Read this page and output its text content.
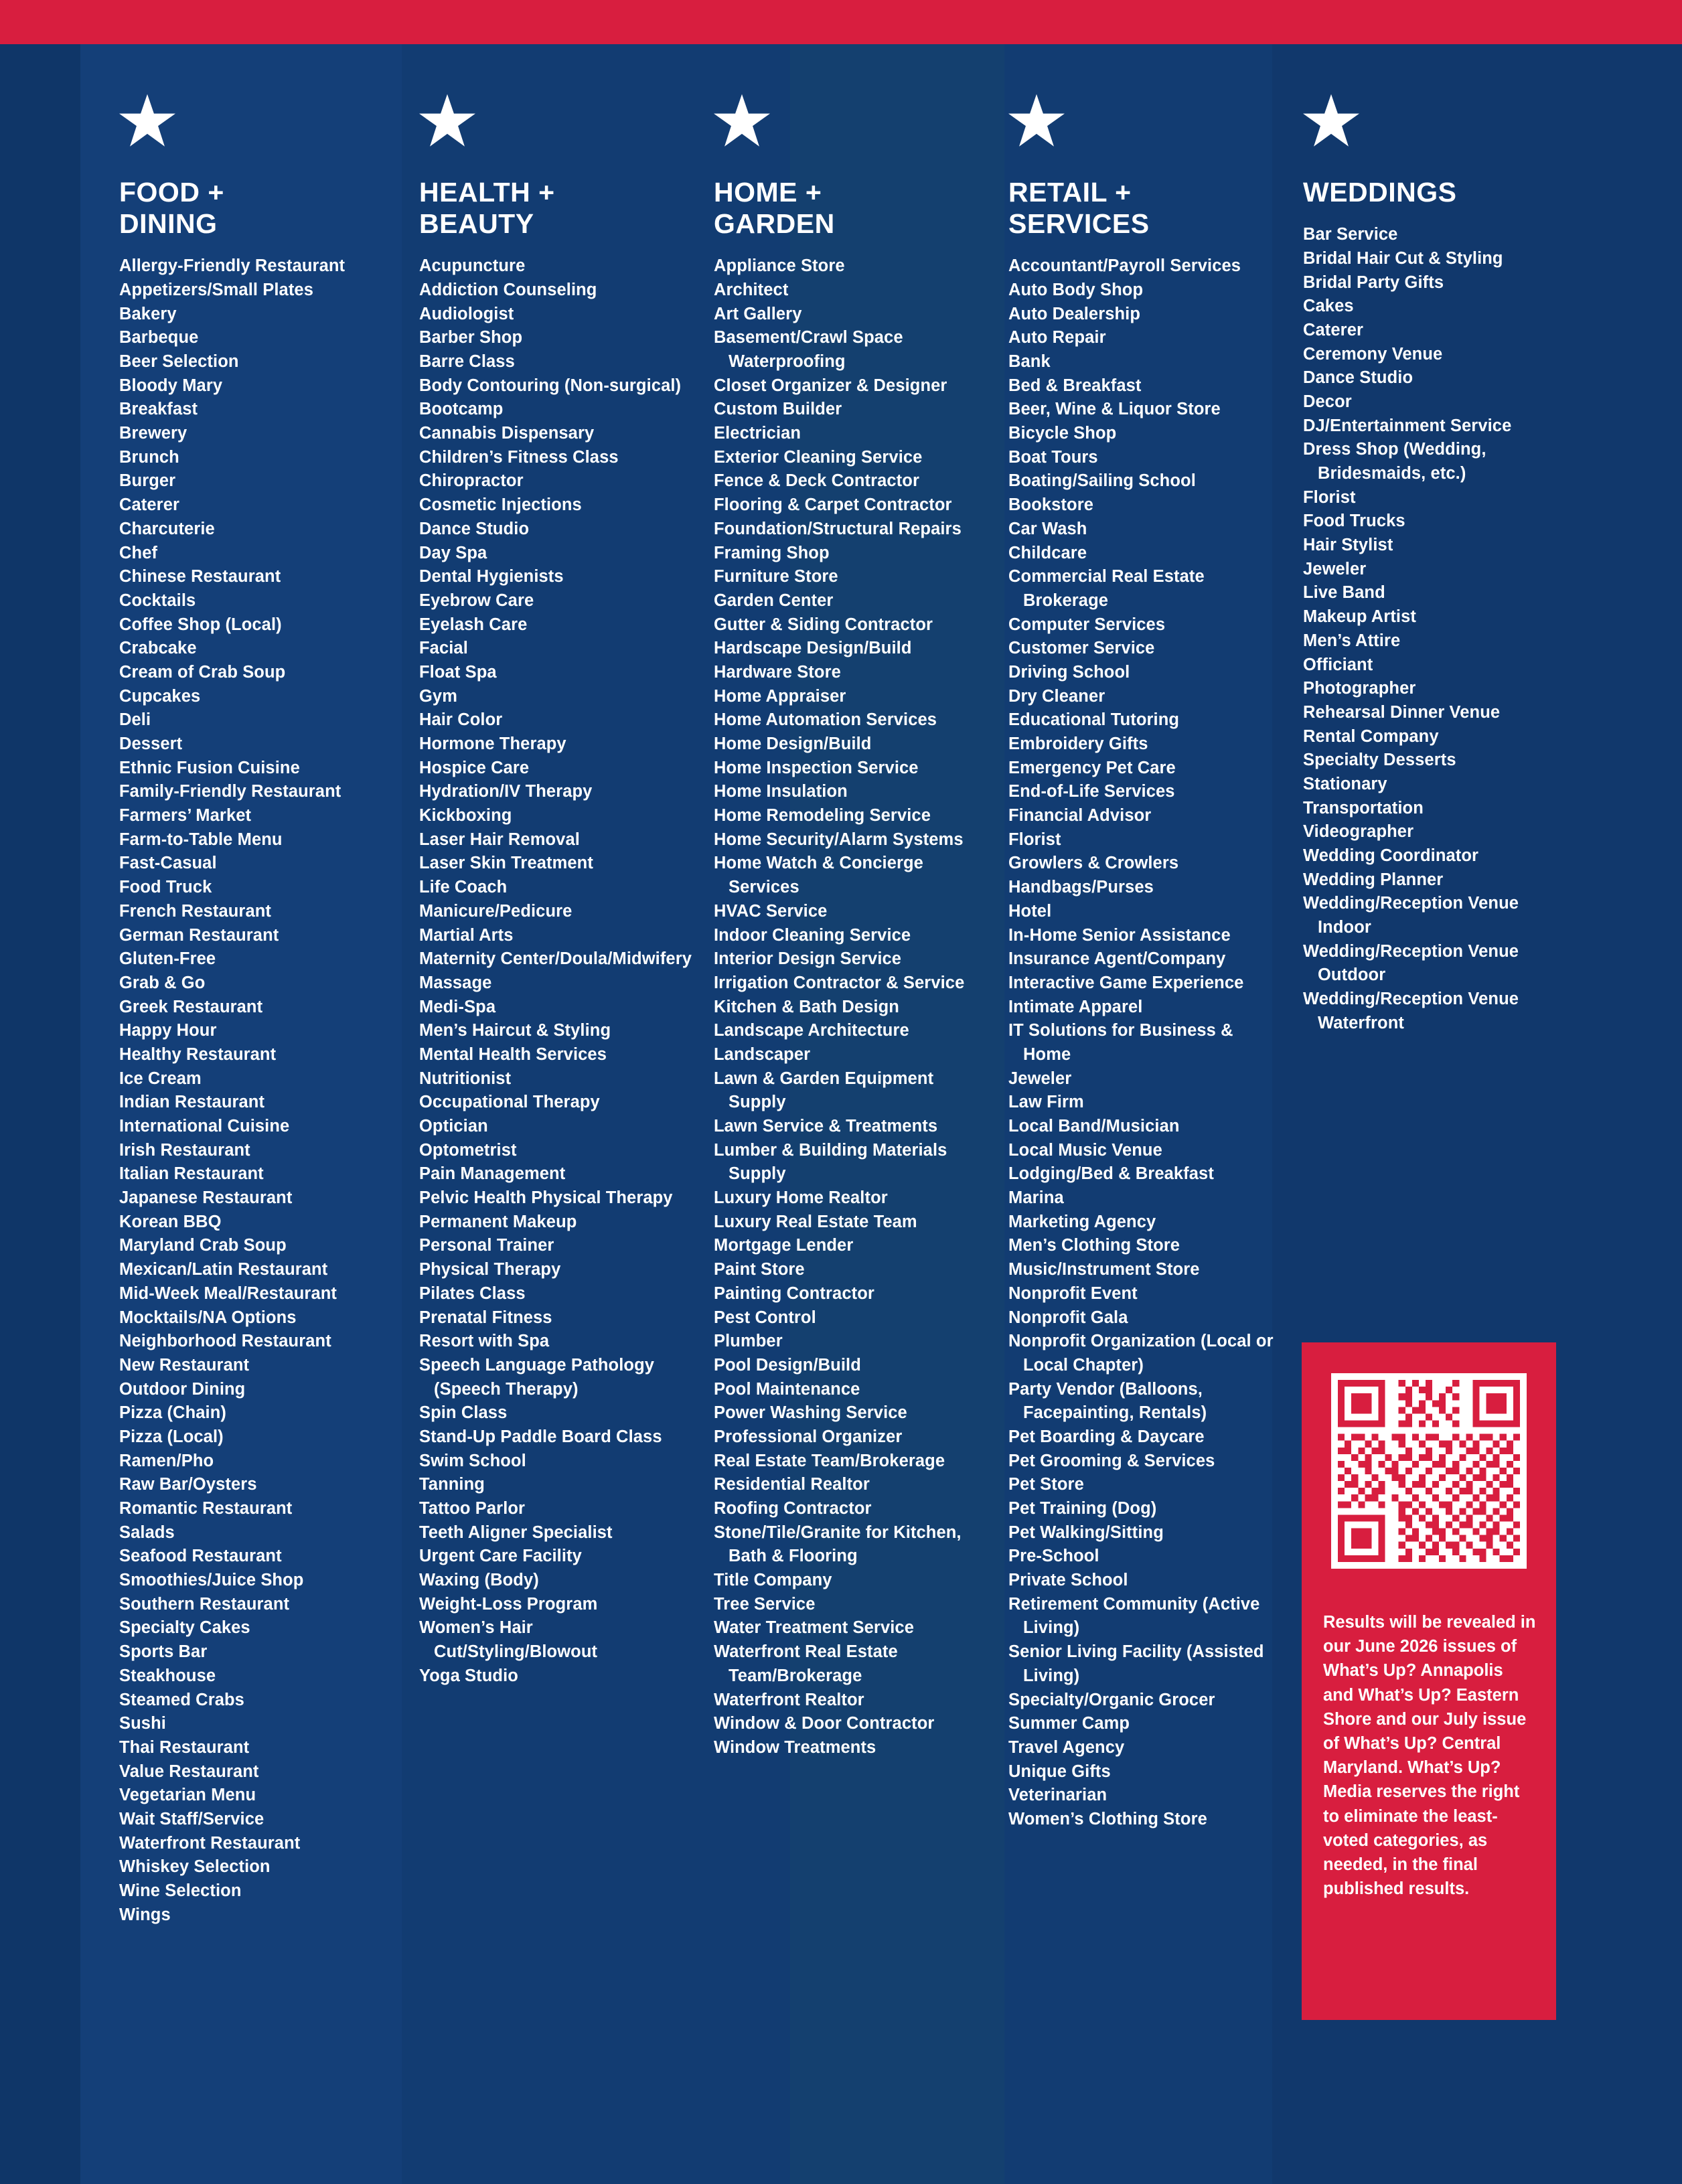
FOOD +
DINING
Allergy-Friendly Restaurant
Appetizers/Small Plates
Bakery
Barbeque
Beer Selection
Bloody Mary
Breakfast
Brewery
Brunch
Burger
Caterer
Charcuterie
Chef
Chinese Restaurant
Cocktails
Coffee Shop (Local)
Crabcake
Cream of Crab Soup
Cupcakes
Deli
Dessert
Ethnic Fusion Cuisine
Family-Friendly Restaurant
Farmers’ Market
Farm-to-Table Menu
Fast-Casual
Food Truck
French Restaurant
German Restaurant
Gluten-Free
Grab & Go
Greek Restaurant
Happy Hour
Healthy Restaurant
Ice Cream
Indian Restaurant
International Cuisine
Irish Restaurant
Italian Restaurant
Japanese Restaurant
Korean BBQ
Maryland Crab Soup
Mexican/Latin Restaurant
Mid-Week Meal/Restaurant
Mocktails/NA Options
Neighborhood Restaurant
New Restaurant
Outdoor Dining
Pizza (Chain)
Pizza (Local)
Ramen/Pho
Raw Bar/Oysters
Romantic Restaurant
Salads
Seafood Restaurant
Smoothies/Juice Shop
Southern Restaurant
Specialty Cakes
Sports Bar
Steakhouse
Steamed Crabs
Sushi
Thai Restaurant
Value Restaurant
Vegetarian Menu
Wait Staff/Service
Waterfront Restaurant
Whiskey Selection
Wine Selection
Wings
HEALTH +
BEAUTY
Acupuncture
Addiction Counseling
Audiologist
Barber Shop
Barre Class
Body Contouring (Non-surgical)
Bootcamp
Cannabis Dispensary
Children’s Fitness Class
Chiropractor
Cosmetic Injections
Dance Studio
Day Spa
Dental Hygienists
Eyebrow Care
Eyelash Care
Facial
Float Spa
Gym
Hair Color
Hormone Therapy
Hospice Care
Hydration/IV Therapy
Kickboxing
Laser Hair Removal
Laser Skin Treatment
Life Coach
Manicure/Pedicure
Martial Arts
Maternity Center/Doula/Midwifery
Massage
Medi-Spa
Men’s Haircut & Styling
Mental Health Services
Nutritionist
Occupational Therapy
Optician
Optometrist
Pain Management
Pelvic Health Physical Therapy
Permanent Makeup
Personal Trainer
Physical Therapy
Pilates Class
Prenatal Fitness
Resort with Spa
Speech Language Pathology (Speech Therapy)
Spin Class
Stand-Up Paddle Board Class
Swim School
Tanning
Tattoo Parlor
Teeth Aligner Specialist
Urgent Care Facility
Waxing (Body)
Weight-Loss Program
Women’s Hair Cut/Styling/Blowout
Yoga Studio
HOME +
GARDEN
Appliance Store
Architect
Art Gallery
Basement/Crawl Space Waterproofing
Closet Organizer & Designer
Custom Builder
Electrician
Exterior Cleaning Service
Fence & Deck Contractor
Flooring & Carpet Contractor
Foundation/Structural Repairs
Framing Shop
Furniture Store
Garden Center
Gutter & Siding Contractor
Hardscape Design/Build
Hardware Store
Home Appraiser
Home Automation Services
Home Design/Build
Home Inspection Service
Home Insulation
Home Remodeling Service
Home Security/Alarm Systems
Home Watch & Concierge Services
HVAC Service
Indoor Cleaning Service
Interior Design Service
Irrigation Contractor & Service
Kitchen & Bath Design
Landscape Architecture
Landscaper
Lawn & Garden Equipment Supply
Lawn Service & Treatments
Lumber & Building Materials Supply
Luxury Home Realtor
Luxury Real Estate Team
Mortgage Lender
Paint Store
Painting Contractor
Pest Control
Plumber
Pool Design/Build
Pool Maintenance
Power Washing Service
Professional Organizer
Real Estate Team/Brokerage
Residential Realtor
Roofing Contractor
Stone/Tile/Granite for Kitchen, Bath & Flooring
Title Company
Tree Service
Water Treatment Service
Waterfront Real Estate Team/Brokerage
Waterfront Realtor
Window & Door Contractor
Window Treatments
RETAIL +
SERVICES
Accountant/Payroll Services
Auto Body Shop
Auto Dealership
Auto Repair
Bank
Bed & Breakfast
Beer, Wine & Liquor Store
Bicycle Shop
Boat Tours
Boating/Sailing School
Bookstore
Car Wash
Childcare
Commercial Real Estate Brokerage
Computer Services
Customer Service
Driving School
Dry Cleaner
Educational Tutoring
Embroidery Gifts
Emergency Pet Care
End-of-Life Services
Financial Advisor
Florist
Growlers & Crowlers
Handbags/Purses
Hotel
In-Home Senior Assistance
Insurance Agent/Company
Interactive Game Experience
Intimate Apparel
IT Solutions for Business & Home
Jeweler
Law Firm
Local Band/Musician
Local Music Venue
Lodging/Bed & Breakfast
Marina
Marketing Agency
Men’s Clothing Store
Music/Instrument Store
Nonprofit Event
Nonprofit Gala
Nonprofit Organization (Local or Local Chapter)
Party Vendor (Balloons, Facepainting, Rentals)
Pet Boarding & Daycare
Pet Grooming & Services
Pet Store
Pet Training (Dog)
Pet Walking/Sitting
Pre-School
Private School
Retirement Community (Active Living)
Senior Living Facility (Assisted Living)
Specialty/Organic Grocer
Summer Camp
Travel Agency
Unique Gifts
Veterinarian
Women’s Clothing Store
WEDDINGS
Bar Service
Bridal Hair Cut & Styling
Bridal Party Gifts
Cakes
Caterer
Ceremony Venue
Dance Studio
Decor
DJ/Entertainment Service
Dress Shop (Wedding, Bridesmaids, etc.)
Florist
Food Trucks
Hair Stylist
Jeweler
Live Band
Makeup Artist
Men’s Attire
Officiant
Photographer
Rehearsal Dinner Venue
Rental Company
Specialty Desserts
Stationary
Transportation
Videographer
Wedding Coordinator
Wedding Planner
Wedding/Reception Venue Indoor
Wedding/Reception Venue Outdoor
Wedding/Reception Venue Waterfront
Results will be revealed in our June 2026 issues of What’s Up? Annapolis and What’s Up? Eastern Shore and our July issue of What’s Up? Central Maryland. What’s Up? Media reserves the right to eliminate the least-voted categories, as needed, in the final published results.
